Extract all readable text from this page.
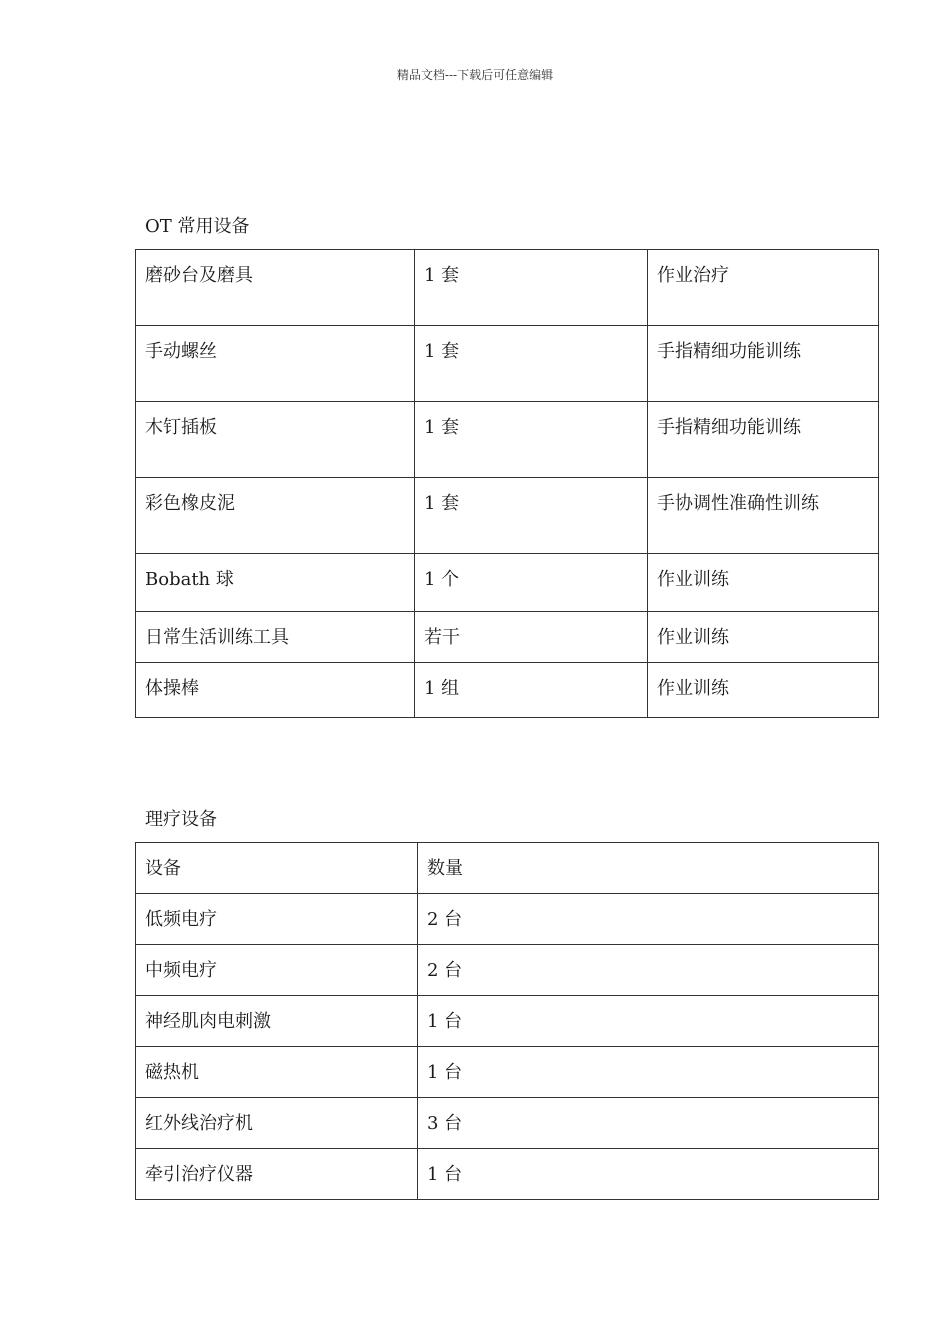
精品文档---下载后可任意编辑
OT 常用设备
磨砂台及磨具	1 套	作业治疗
手动螺丝	1 套	手指精细功能训练
木钉插板	1 套	手指精细功能训练
彩色橡皮泥	1 套	手协调性准确性训练
Bobath 球	1 个	作业训练
日常生活训练工具	若干	作业训练
体操棒	1 组	作业训练
理疗设备
设备	数量
低频电疗	2 台
中频电疗	2 台
神经肌肉电刺激	1 台
磁热机	1 台
红外线治疗机	3 台
牵引治疗仪器	1 台
